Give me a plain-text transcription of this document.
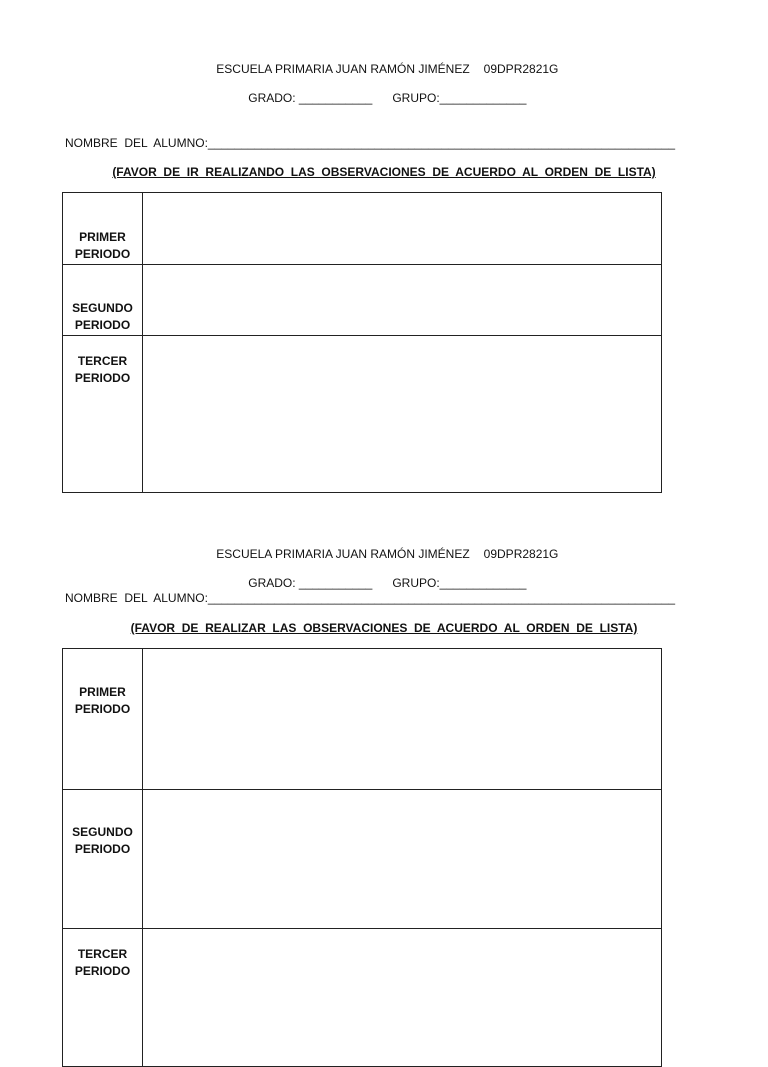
ESCUELA PRIMARIA JUAN RAMÓN JIMÉNEZ 09DPR2821G

GRADO: ___________ GRUPO:_____________

NOMBRE  DEL  ALUMNO:______________________________________________________________________
(FAVOR  DE  IR  REALIZANDO  LAS  OBSERVACIONES  DE  ACUERDO  AL  ORDEN  DE  LISTA)
PRIMER
PERIODO	

SEGUNDO
PERIODO	

TERCER
PERIODO	

ESCUELA PRIMARIA JUAN RAMÓN JIMÉNEZ 09DPR2821G

GRADO: ___________ GRUPO:_____________

NOMBRE  DEL  ALUMNO:______________________________________________________________________
(FAVOR  DE  REALIZAR  LAS  OBSERVACIONES  DE  ACUERDO  AL  ORDEN  DE  LISTA)
PRIMER
PERIODO	

SEGUNDO
PERIODO	

TERCER
PERIODO	
